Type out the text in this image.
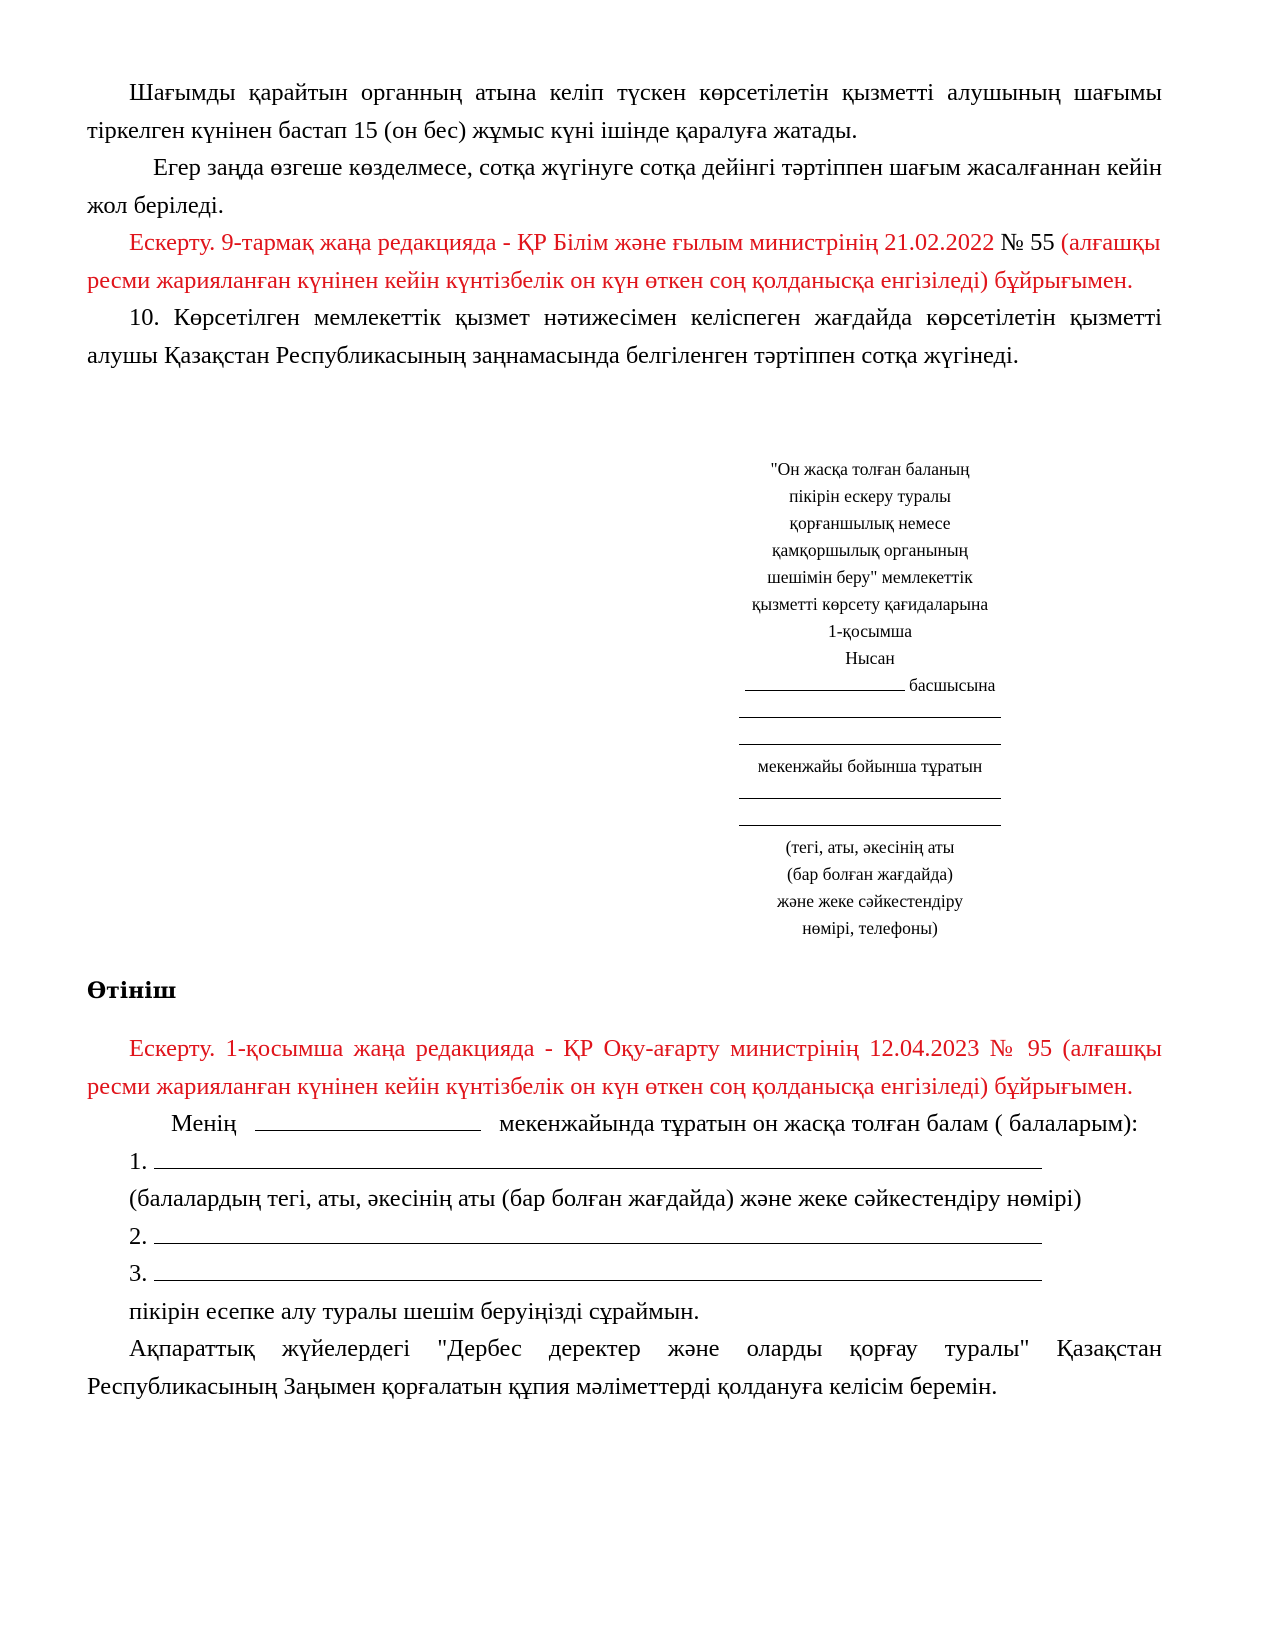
Шағымды қарайтын органның атына келіп түскен көрсетілетін қызметті алушының шағымы тіркелген күнінен бастап 15 (он бес) жұмыс күні ішінде қаралуға жатады.

Егер заңда өзгеше көзделмесе, сотқа жүгінуге сотқа дейінгі тәртіппен шағым жасалғаннан кейін жол беріледі.

Ескерту. 9-тармақ жаңа редакцияда - ҚР Білім және ғылым министрінің 21.02.2022 № 55 (алғашқы ресми жарияланған күнінен кейін күнтізбелік он күн өткен соң қолданысқа енгізіледі) бұйрығымен.

10. Көрсетілген мемлекеттік қызмет нәтижесімен келіспеген жағдайда көрсетілетін қызметті алушы Қазақстан Республикасының заңнамасында белгіленген тәртіппен сотқа жүгінеді.

"Он жасқа толған баланың

пікірін ескеру туралы

қорғаншылық немесе

қамқоршылық органының

шешімін беру" мемлекеттік

қызметті көрсету қағидаларына

1-қосымша

Нысан

басшысына

мекенжайы бойынша тұратын

(тегі, аты, әкесінің аты

(бар болған жағдайда)

және жеке сәйкестендіру

нөмірі, телефоны)

Өтініш

Ескерту. 1-қосымша жаңа редакцияда - ҚР Оқу-ағарту министрінің 12.04.2023 № 95 (алғашқы ресми жарияланған күнінен кейін күнтізбелік он күн өткен соң қолданысқа енгізіледі) бұйрығымен.

Менің	мекенжайында тұратын он жасқа толған балам ( балаларым):

1.

(балалардың тегі, аты, әкесінің аты (бар болған жағдайда) және жеке сәйкестендіру нөмірі)

2.

3.

пікірін есепке алу туралы шешім беруіңізді сұраймын.

Ақпараттық жүйелердегі "Дербес деректер және оларды қорғау туралы" Қазақстан Республикасының Заңымен қорғалатын құпия мәліметтерді қолдануға келісім беремін.
